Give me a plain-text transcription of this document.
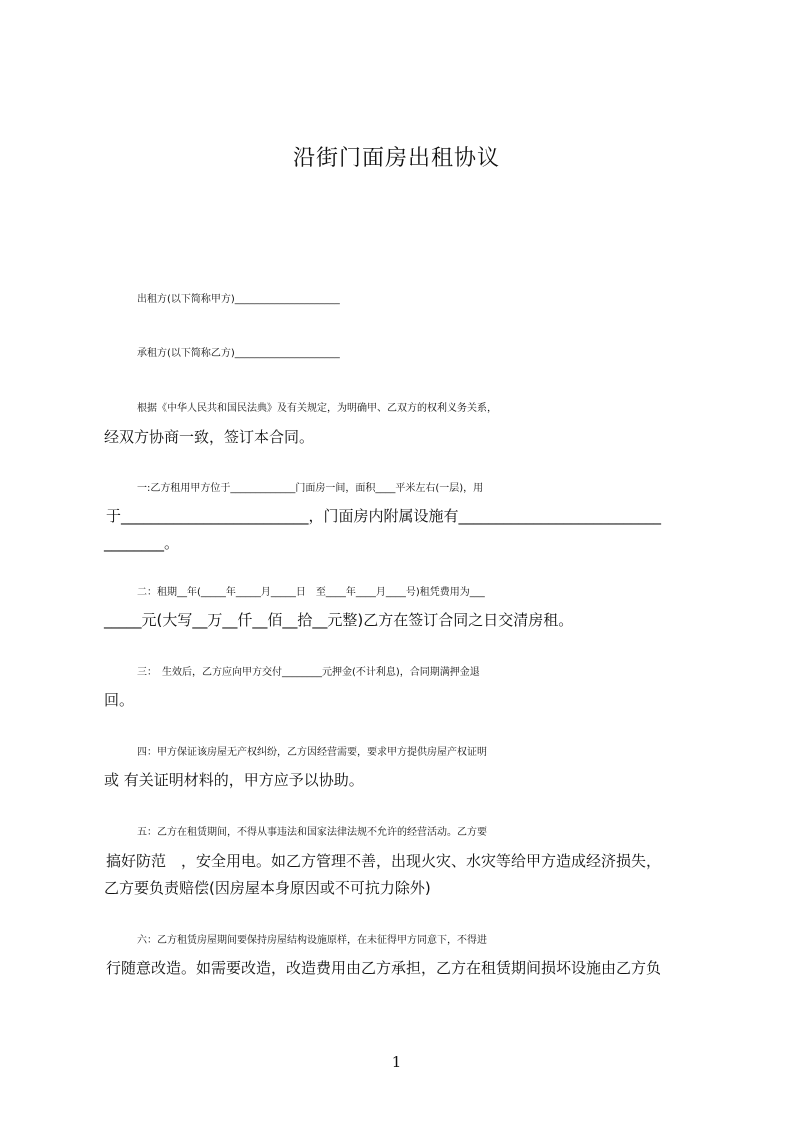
沿街门面房出租协议
出租方(以下简称甲方)_____________________
承租方(以下简称乙方)_____________________
根据《中华人民共和国民法典》及有关规定，为明确甲、乙双方的权利义务关系，
经双方协商一致，签订本合同。
一:乙方租用甲方位于_____________门面房一间，面积____平米左右(一层)，用
于_________________________，门面房内附属设施有___________________________
________。
二：租期__年(_____年_____月_____日　至____年____月____号)租凭费用为___
_____元(大写__万__仟__佰__拾__元整)乙方在签订合同之日交清房租。
三：　生效后，乙方应向甲方交付________元押金(不计利息)，合同期满押金退
回。
四：甲方保证该房屋无产权纠纷，乙方因经营需要，要求甲方提供房屋产权证明
或 有关证明材料的，甲方应予以协助。
五：乙方在租赁期间，不得从事违法和国家法律法规不允许的经营活动。乙方要
搞好防范　，安全用电。如乙方管理不善，出现火灾、水灾等给甲方造成经济损失，
乙方要负责赔偿(因房屋本身原因或不可抗力除外)
六：乙方租赁房屋期间要保持房屋结构设施原样，在未征得甲方同意下，不得进
行随意改造。如需要改造，改造费用由乙方承担，乙方在租赁期间损坏设施由乙方负
1
